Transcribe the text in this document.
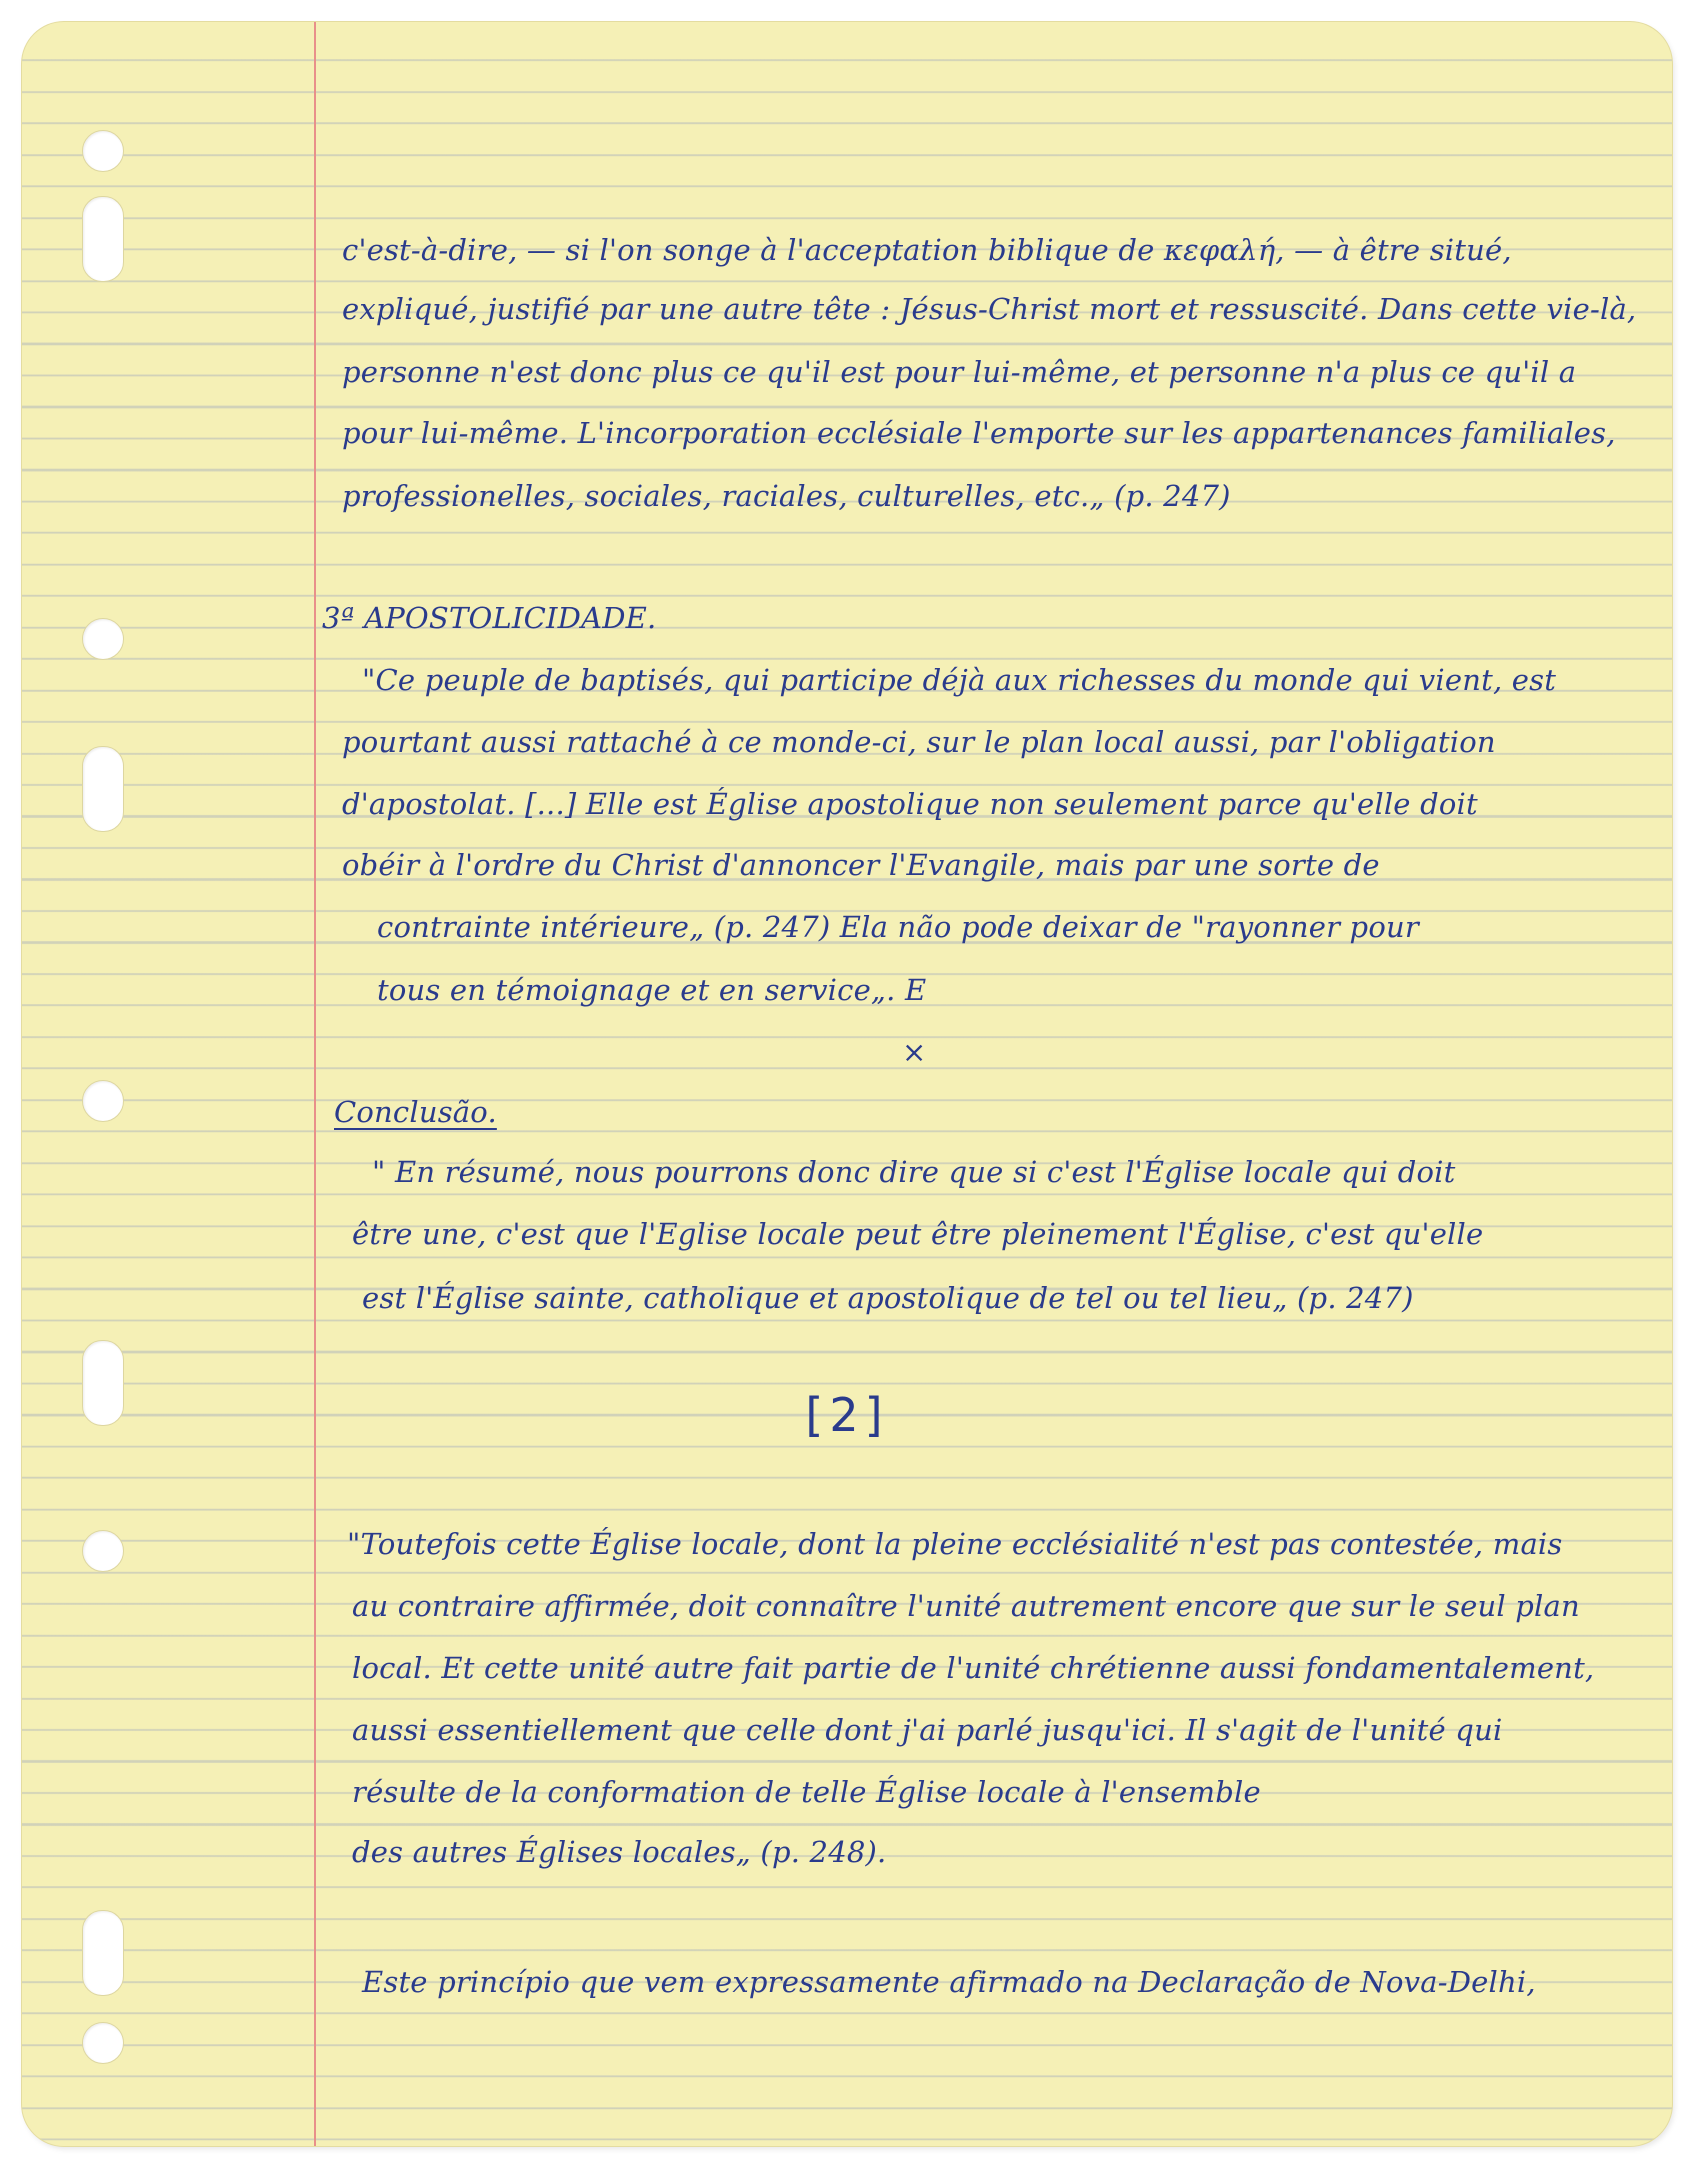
c'est-à-dire, — si l'on songe à l'acceptation biblique de κεφαλή, — à être situé,
expliqué, justifié par une autre tête : Jésus-Christ mort et ressuscité. Dans cette vie-là,
personne n'est donc plus ce qu'il est pour lui-même, et personne n'a plus ce qu'il a
pour lui-même. L'incorporation ecclésiale l'emporte sur les appartenances familiales,
professionelles, sociales, raciales, culturelles, etc.„ (p. 247)
3ª APOSTOLICIDADE.
"Ce peuple de baptisés, qui participe déjà aux richesses du monde qui vient, est
pourtant aussi rattaché à ce monde-ci, sur le plan local aussi, par l'obligation
d'apostolat. [...] Elle est Église apostolique non seulement parce qu'elle doit
obéir à l'ordre du Christ d'annoncer l'Evangile, mais par une sorte de
contrainte intérieure„ (p. 247) Ela não pode deixar de "rayonner pour
tous en témoignage et en service„. E
×
Conclusão.
" En résumé, nous pourrons donc dire que si c'est l'Église locale qui doit
être une, c'est que l'Eglise locale peut être pleinement l'Église, c'est qu'elle
est l'Église sainte, catholique et apostolique de tel ou tel lieu„ (p. 247)
[2]
"Toutefois cette Église locale, dont la pleine ecclésialité n'est pas contestée, mais
au contraire affirmée, doit connaître l'unité autrement encore que sur le seul plan
local. Et cette unité autre fait partie de l'unité chrétienne aussi fondamentalement,
aussi essentiellement que celle dont j'ai parlé jusqu'ici. Il s'agit de l'unité qui
résulte de la conformation de telle Église locale à l'ensemble
des autres Églises locales„ (p. 248).
Este princípio que vem expressamente afirmado na Declaração de Nova-Delhi,
